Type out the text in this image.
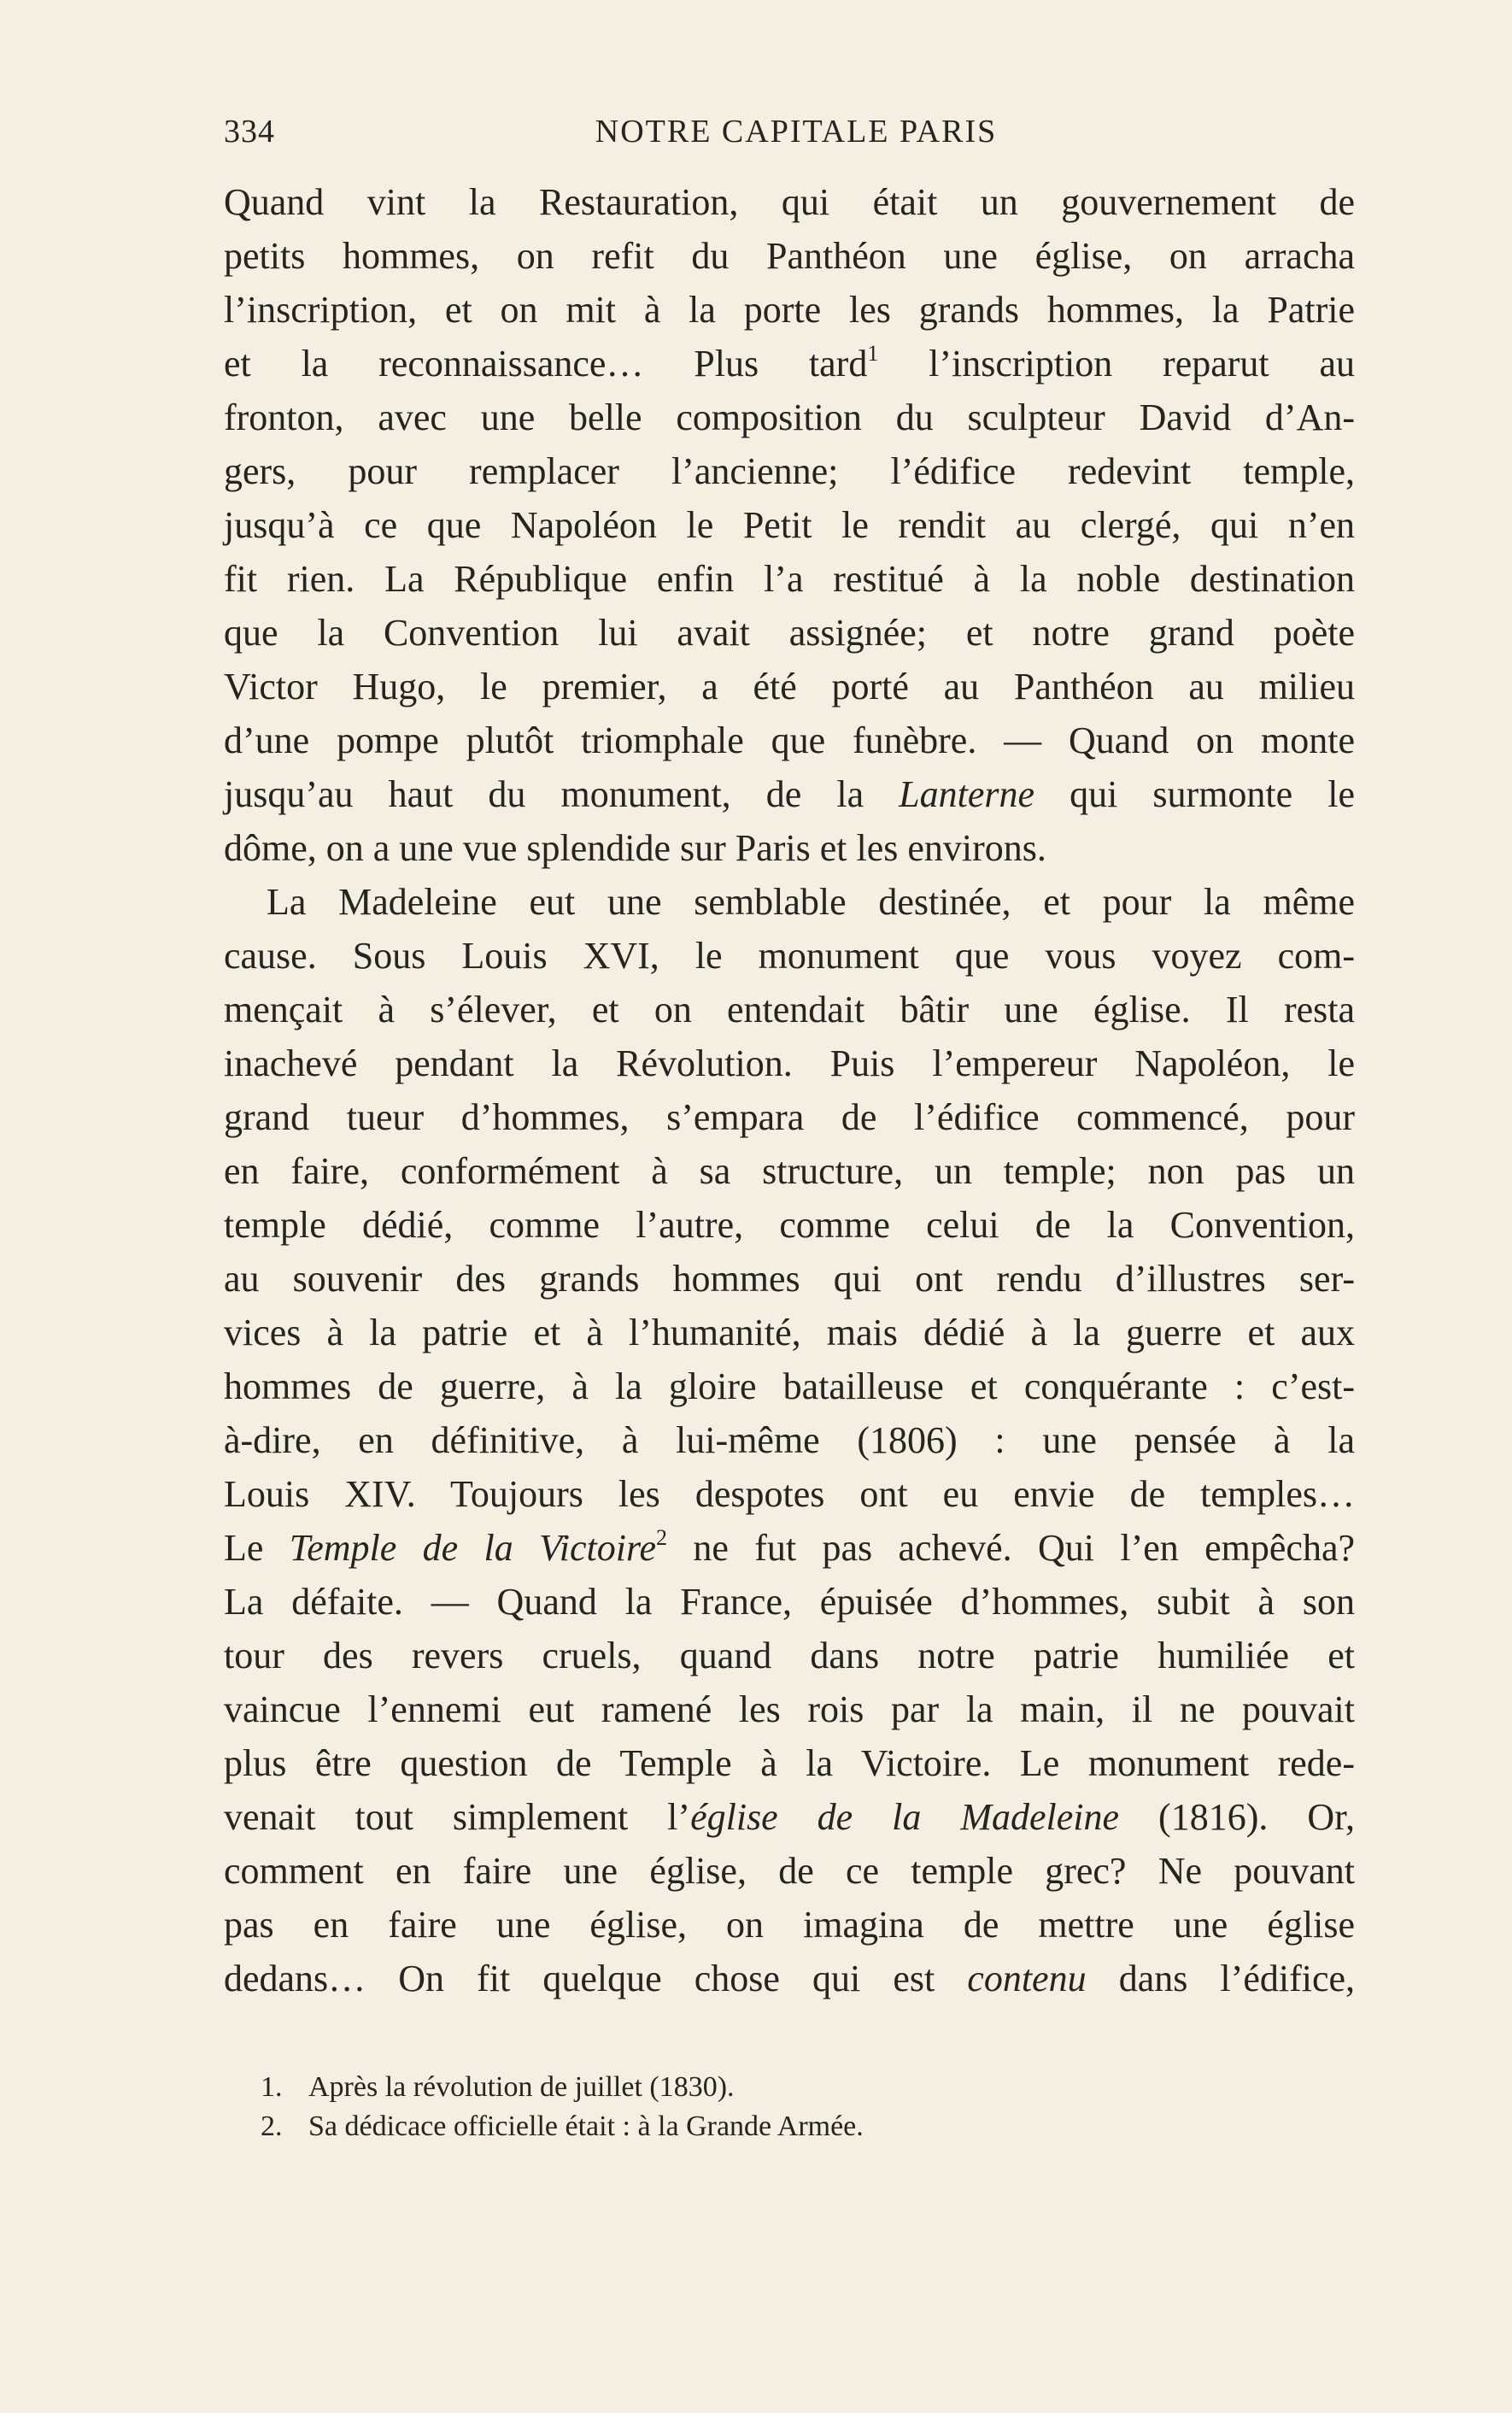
334	NOTRE CAPITALE PARIS
Quand vint la Restauration, qui était un gouvernement de
petits hommes, on refit du Panthéon une église, on arracha
l’inscription, et on mit à la porte les grands hommes, la Patrie
et la reconnaissance… Plus tard$^1$ l’inscription reparut au
fronton, avec une belle composition du sculpteur David d’An-
gers, pour remplacer l’ancienne; l’édifice redevint temple,
jusqu’à ce que Napoléon le Petit le rendit au clergé, qui n’en
fit rien. La République enfin l’a restitué à la noble destination
que la Convention lui avait assignée; et notre grand poète
Victor Hugo, le premier, a été porté au Panthéon au milieu
d’une pompe plutôt triomphale que funèbre. — Quand on monte
jusqu’au haut du monument, de la Lanterne qui surmonte le
dôme, on a une vue splendide sur Paris et les environs.
La Madeleine eut une semblable destinée, et pour la même
cause. Sous Louis XVI, le monument que vous voyez com-
mençait à s’élever, et on entendait bâtir une église. Il resta
inachevé pendant la Révolution. Puis l’empereur Napoléon, le
grand tueur d’hommes, s’empara de l’édifice commencé, pour
en faire, conformément à sa structure, un temple; non pas un
temple dédié, comme l’autre, comme celui de la Convention,
au souvenir des grands hommes qui ont rendu d’illustres ser-
vices à la patrie et à l’humanité, mais dédié à la guerre et aux
hommes de guerre, à la gloire batailleuse et conquérante : c’est-
à-dire, en définitive, à lui-même (1806) : une pensée à la
Louis XIV. Toujours les despotes ont eu envie de temples…
Le Temple de la Victoire$^2$ ne fut pas achevé. Qui l’en empêcha?
La défaite. — Quand la France, épuisée d’hommes, subit à son
tour des revers cruels, quand dans notre patrie humiliée et
vaincue l’ennemi eut ramené les rois par la main, il ne pouvait
plus être question de Temple à la Victoire. Le monument rede-
venait tout simplement l’église de la Madeleine (1816). Or,
comment en faire une église, de ce temple grec? Ne pouvant
pas en faire une église, on imagina de mettre une église
dedans… On fit quelque chose qui est contenu dans l’édifice,
1. Après la révolution de juillet (1830).
2. Sa dédicace officielle était : à la Grande Armée.
